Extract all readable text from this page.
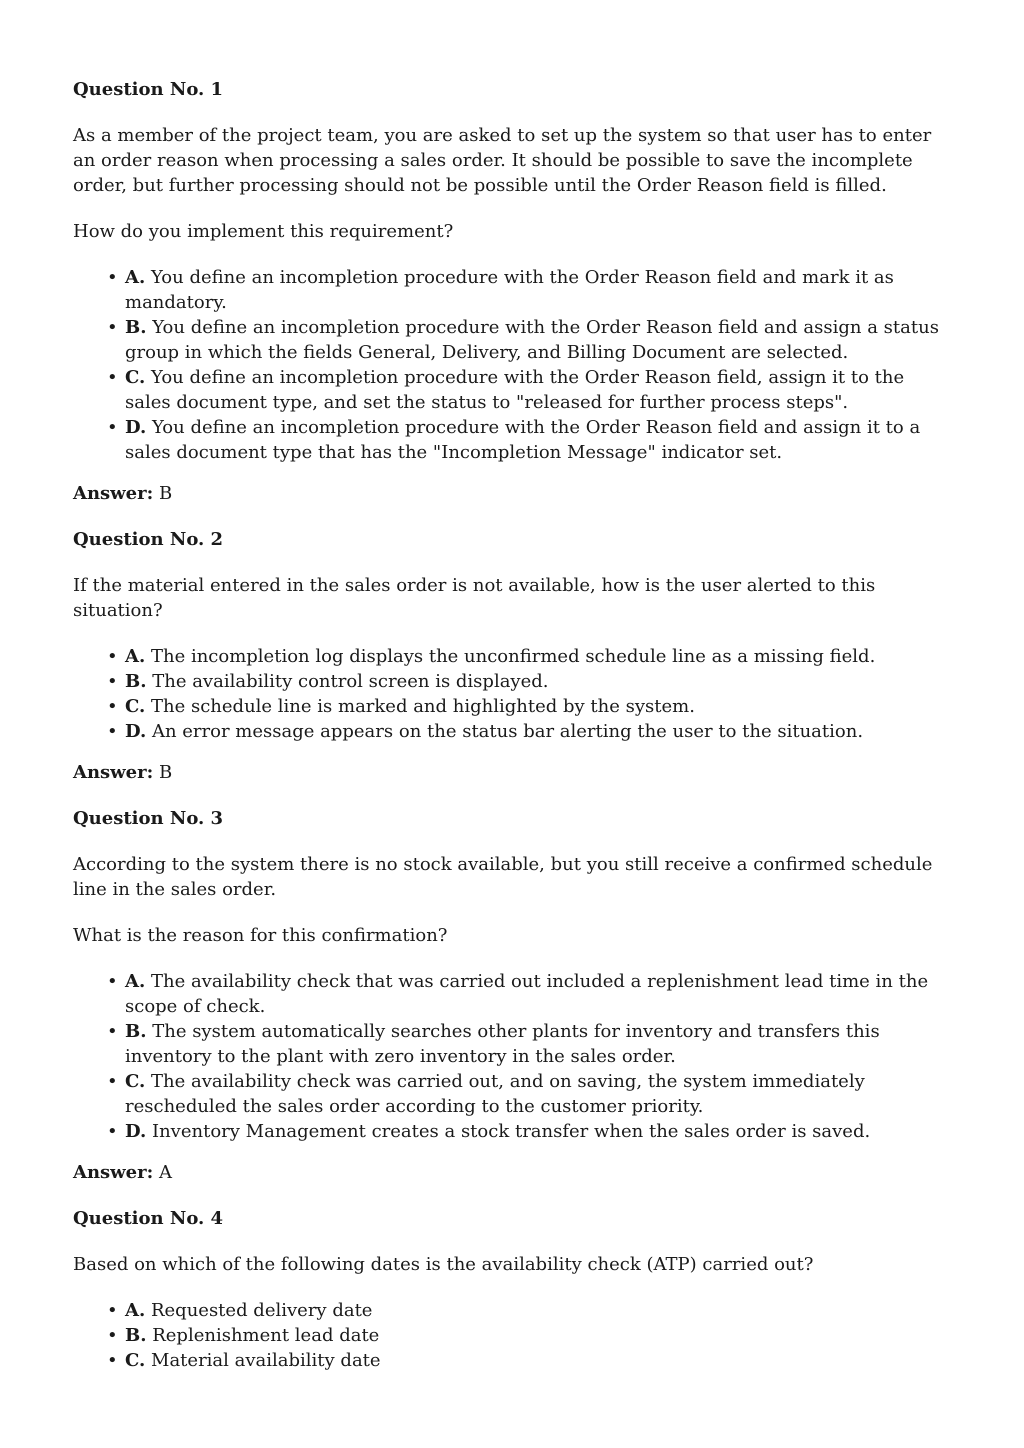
Question No. 1

As a member of the project team, you are asked to set up the system so that user has to enter an order reason when processing a sales order. It should be possible to save the incomplete order, but further processing should not be possible until the Order Reason field is filled.

How do you implement this requirement?

• A. You define an incompletion procedure with the Order Reason field and mark it as mandatory.
• B. You define an incompletion procedure with the Order Reason field and assign a status group in which the fields General, Delivery, and Billing Document are selected.
• C. You define an incompletion procedure with the Order Reason field, assign it to the sales document type, and set the status to "released for further process steps".
• D. You define an incompletion procedure with the Order Reason field and assign it to a sales document type that has the "Incompletion Message" indicator set.

Answer: B

Question No. 2

If the material entered in the sales order is not available, how is the user alerted to this situation?

• A. The incompletion log displays the unconfirmed schedule line as a missing field.
• B. The availability control screen is displayed.
• C. The schedule line is marked and highlighted by the system.
• D. An error message appears on the status bar alerting the user to the situation.

Answer: B

Question No. 3

According to the system there is no stock available, but you still receive a confirmed schedule line in the sales order.

What is the reason for this confirmation?

• A. The availability check that was carried out included a replenishment lead time in the scope of check.
• B. The system automatically searches other plants for inventory and transfers this inventory to the plant with zero inventory in the sales order.
• C. The availability check was carried out, and on saving, the system immediately rescheduled the sales order according to the customer priority.
• D. Inventory Management creates a stock transfer when the sales order is saved.

Answer: A

Question No. 4

Based on which of the following dates is the availability check (ATP) carried out?

• A. Requested delivery date
• B. Replenishment lead date
• C. Material availability date
